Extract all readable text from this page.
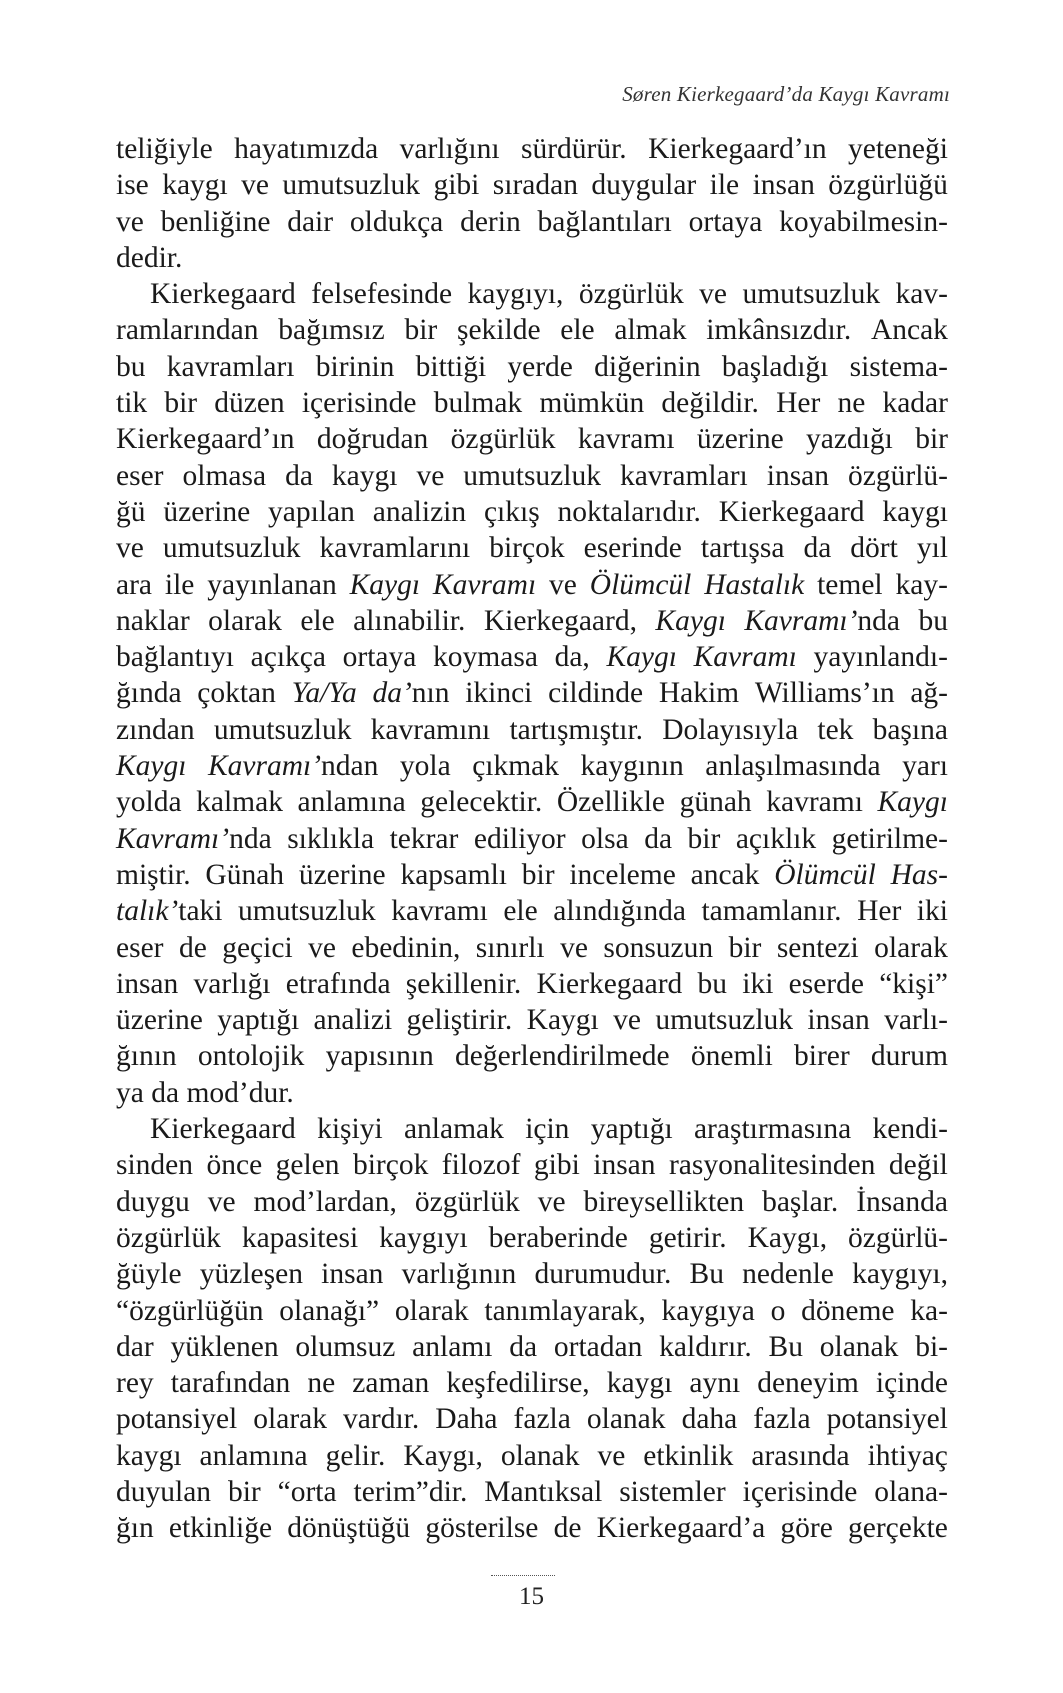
Søren Kierkegaard’da Kaygı Kavramı
teliğiyle hayatımızda varlığını sürdürür. Kierkegaard’ın yeteneği
ise kaygı ve umutsuzluk gibi sıradan duygular ile insan özgürlüğü
ve benliğine dair oldukça derin bağlantıları ortaya koyabilmesin-
dedir.
Kierkegaard felsefesinde kaygıyı, özgürlük ve umutsuzluk kav-
ramlarından bağımsız bir şekilde ele almak imkânsızdır. Ancak
bu kavramları birinin bittiği yerde diğerinin başladığı sistema-
tik bir düzen içerisinde bulmak mümkün değildir. Her ne kadar
Kierkegaard’ın doğrudan özgürlük kavramı üzerine yazdığı bir
eser olmasa da kaygı ve umutsuzluk kavramları insan özgürlü-
ğü üzerine yapılan analizin çıkış noktalarıdır. Kierkegaard kaygı
ve umutsuzluk kavramlarını birçok eserinde tartışsa da dört yıl
ara ile yayınlanan Kaygı Kavramı ve Ölümcül Hastalık temel kay-
naklar olarak ele alınabilir. Kierkegaard, Kaygı Kavramı’nda bu
bağlantıyı açıkça ortaya koymasa da, Kaygı Kavramı yayınlandı-
ğında çoktan Ya/Ya da’nın ikinci cildinde Hakim Williams’ın ağ-
zından umutsuzluk kavramını tartışmıştır. Dolayısıyla tek başına
Kaygı Kavramı’ndan yola çıkmak kaygının anlaşılmasında yarı
yolda kalmak anlamına gelecektir. Özellikle günah kavramı Kaygı
Kavramı’nda sıklıkla tekrar ediliyor olsa da bir açıklık getirilme-
miştir. Günah üzerine kapsamlı bir inceleme ancak Ölümcül Has-
talık’taki umutsuzluk kavramı ele alındığında tamamlanır. Her iki
eser de geçici ve ebedinin, sınırlı ve sonsuzun bir sentezi olarak
insan varlığı etrafında şekillenir. Kierkegaard bu iki eserde “kişi”
üzerine yaptığı analizi geliştirir. Kaygı ve umutsuzluk insan varlı-
ğının ontolojik yapısının değerlendirilmede önemli birer durum
ya da mod’dur.
Kierkegaard kişiyi anlamak için yaptığı araştırmasına kendi-
sinden önce gelen birçok filozof gibi insan rasyonalitesinden değil
duygu ve mod’lardan, özgürlük ve bireysellikten başlar. İnsanda
özgürlük kapasitesi kaygıyı beraberinde getirir. Kaygı, özgürlü-
ğüyle yüzleşen insan varlığının durumudur. Bu nedenle kaygıyı,
“özgürlüğün olanağı” olarak tanımlayarak, kaygıya o döneme ka-
dar yüklenen olumsuz anlamı da ortadan kaldırır. Bu olanak bi-
rey tarafından ne zaman keşfedilirse, kaygı aynı deneyim içinde
potansiyel olarak vardır. Daha fazla olanak daha fazla potansiyel
kaygı anlamına gelir. Kaygı, olanak ve etkinlik arasında ihtiyaç
duyulan bir “orta terim”dir. Mantıksal sistemler içerisinde olana-
ğın etkinliğe dönüştüğü gösterilse de Kierkegaard’a göre gerçekte
15
